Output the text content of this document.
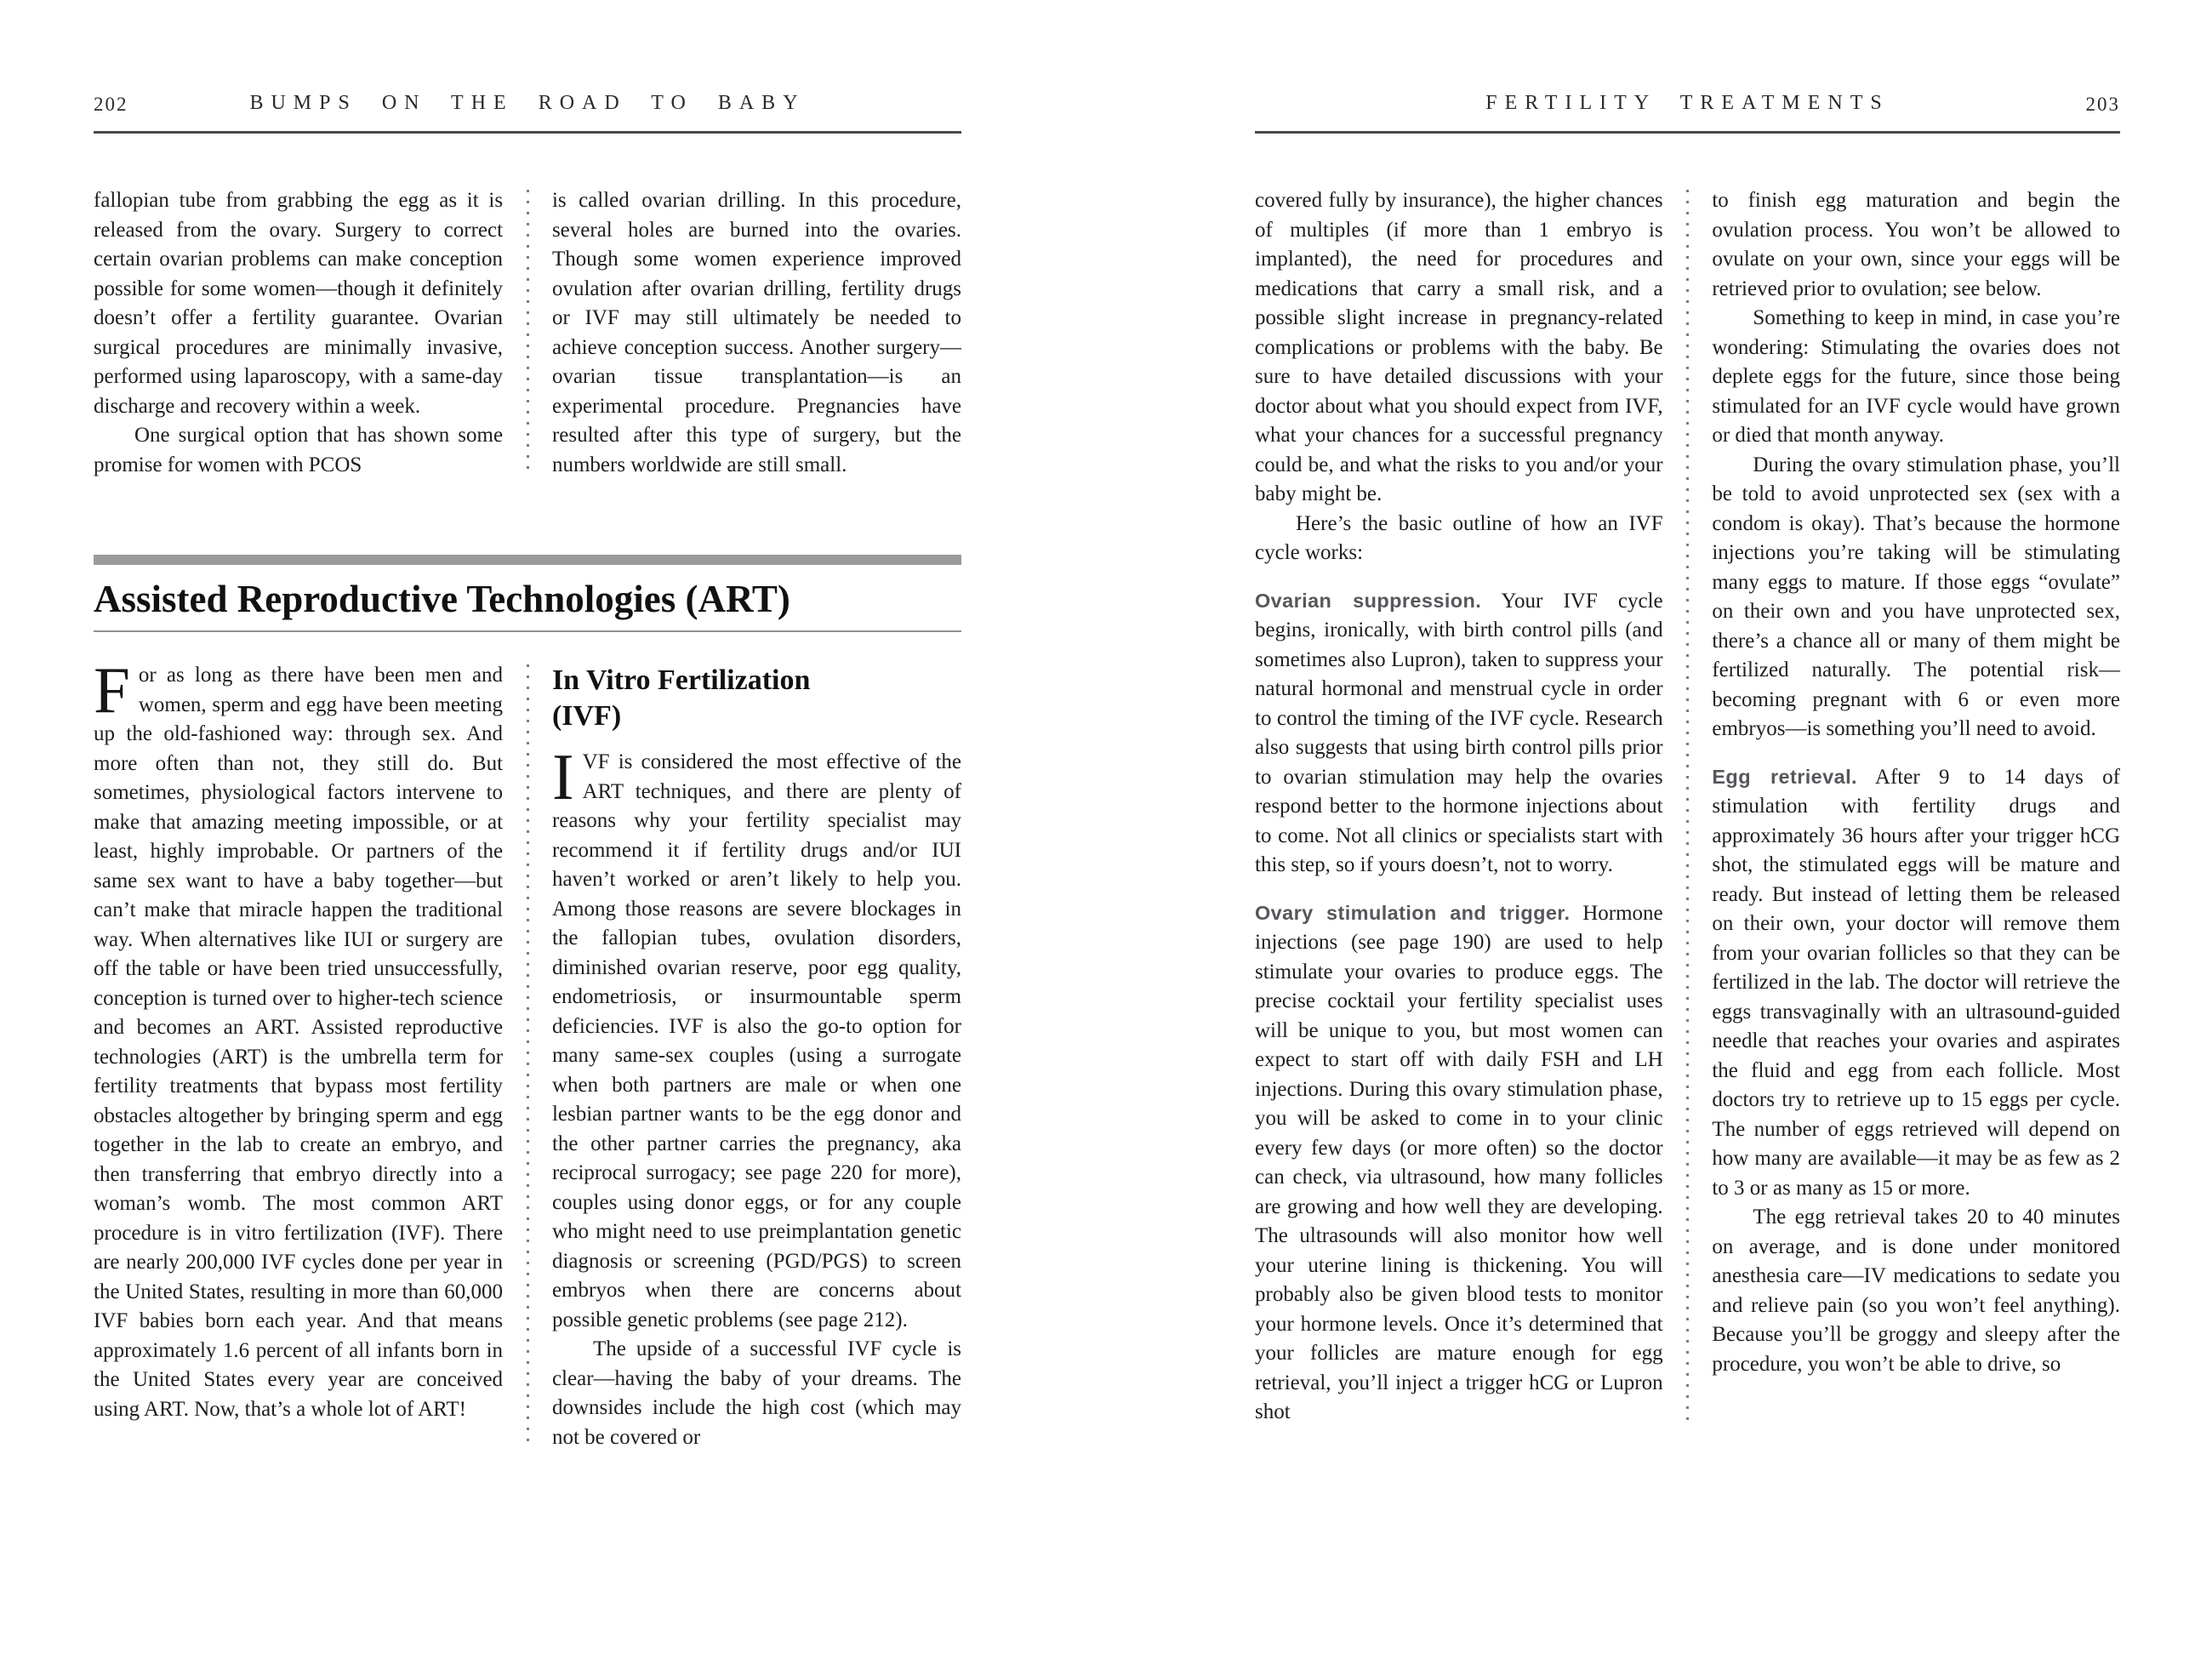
202	BUMPS ON THE ROAD TO BABY

fallopian tube from grabbing the egg as it is released from the ovary. Surgery to correct certain ovarian problems can make conception possible for some women—though it definitely doesn’t offer a fertility guarantee. Ovarian surgical procedures are minimally invasive, performed using laparoscopy, with a same-day discharge and recovery within a week.

One surgical option that has shown some promise for women with PCOS

is called ovarian drilling. In this procedure, several holes are burned into the ovaries. Though some women experience improved ovulation after ovarian drilling, fertility drugs or IVF may still ultimately be needed to achieve conception success. Another surgery—ovarian tissue transplantation—is an experimental procedure. Pregnancies have resulted after this type of surgery, but the numbers worldwide are still small.

Assisted Reproductive Technologies (ART)

For as long as there have been men and women, sperm and egg have been meeting up the old-fashioned way: through sex. And more often than not, they still do. But sometimes, physiological factors intervene to make that amazing meeting impossible, or at least, highly improbable. Or partners of the same sex want to have a baby together—but can’t make that miracle happen the traditional way. When alternatives like IUI or surgery are off the table or have been tried unsuccessfully, conception is turned over to higher-tech science and becomes an ART. Assisted reproductive technologies (ART) is the umbrella term for fertility treatments that bypass most fertility obstacles altogether by bringing sperm and egg together in the lab to create an embryo, and then transferring that embryo directly into a woman’s womb. The most common ART procedure is in vitro fertilization (IVF). There are nearly 200,000 IVF cycles done per year in the United States, resulting in more than 60,000 IVF babies born each year. And that means approximately 1.6 percent of all infants born in the United States every year are conceived using ART. Now, that’s a whole lot of ART!

In Vitro Fertilization (IVF)

IVF is considered the most effective of the ART techniques, and there are plenty of reasons why your fertility specialist may recommend it if fertility drugs and/or IUI haven’t worked or aren’t likely to help you. Among those reasons are severe blockages in the fallopian tubes, ovulation disorders, diminished ovarian reserve, poor egg quality, endometriosis, or insurmountable sperm deficiencies. IVF is also the go-to option for many same-sex couples (using a surrogate when both partners are male or when one lesbian partner wants to be the egg donor and the other partner carries the pregnancy, aka reciprocal surrogacy; see page 220 for more), couples using donor eggs, or for any couple who might need to use preimplantation genetic diagnosis or screening (PGD/PGS) to screen embryos when there are concerns about possible genetic problems (see page 212).

The upside of a successful IVF cycle is clear—having the baby of your dreams. The downsides include the high cost (which may not be covered or

FERTILITY TREATMENTS	203

covered fully by insurance), the higher chances of multiples (if more than 1 embryo is implanted), the need for procedures and medications that carry a small risk, and a possible slight increase in pregnancy-related complications or problems with the baby. Be sure to have detailed discussions with your doctor about what you should expect from IVF, what your chances for a successful pregnancy could be, and what the risks to you and/or your baby might be.

Here’s the basic outline of how an IVF cycle works:

Ovarian suppression. Your IVF cycle begins, ironically, with birth control pills (and sometimes also Lupron), taken to suppress your natural hormonal and menstrual cycle in order to control the timing of the IVF cycle. Research also suggests that using birth control pills prior to ovarian stimulation may help the ovaries respond better to the hormone injections about to come. Not all clinics or specialists start with this step, so if yours doesn’t, not to worry.

Ovary stimulation and trigger. Hormone injections (see page 190) are used to help stimulate your ovaries to produce eggs. The precise cocktail your fertility specialist uses will be unique to you, but most women can expect to start off with daily FSH and LH injections. During this ovary stimulation phase, you will be asked to come in to your clinic every few days (or more often) so the doctor can check, via ultrasound, how many follicles are growing and how well they are developing. The ultrasounds will also monitor how well your uterine lining is thickening. You will probably also be given blood tests to monitor your hormone levels. Once it’s determined that your follicles are mature enough for egg retrieval, you’ll inject a trigger hCG or Lupron shot

to finish egg maturation and begin the ovulation process. You won’t be allowed to ovulate on your own, since your eggs will be retrieved prior to ovulation; see below.

Something to keep in mind, in case you’re wondering: Stimulating the ovaries does not deplete eggs for the future, since those being stimulated for an IVF cycle would have grown or died that month anyway.

During the ovary stimulation phase, you’ll be told to avoid unprotected sex (sex with a condom is okay). That’s because the hormone injections you’re taking will be stimulating many eggs to mature. If those eggs “ovulate” on their own and you have unprotected sex, there’s a chance all or many of them might be fertilized naturally. The potential risk—becoming pregnant with 6 or even more embryos—is something you’ll need to avoid.

Egg retrieval. After 9 to 14 days of stimulation with fertility drugs and approximately 36 hours after your trigger hCG shot, the stimulated eggs will be mature and ready. But instead of letting them be released on their own, your doctor will remove them from your ovarian follicles so that they can be fertilized in the lab. The doctor will retrieve the eggs transvaginally with an ultrasound-guided needle that reaches your ovaries and aspirates the fluid and egg from each follicle. Most doctors try to retrieve up to 15 eggs per cycle. The number of eggs retrieved will depend on how many are available—it may be as few as 2 to 3 or as many as 15 or more.

The egg retrieval takes 20 to 40 minutes on average, and is done under monitored anesthesia care—IV medications to sedate you and relieve pain (so you won’t feel anything). Because you’ll be groggy and sleepy after the procedure, you won’t be able to drive, so
